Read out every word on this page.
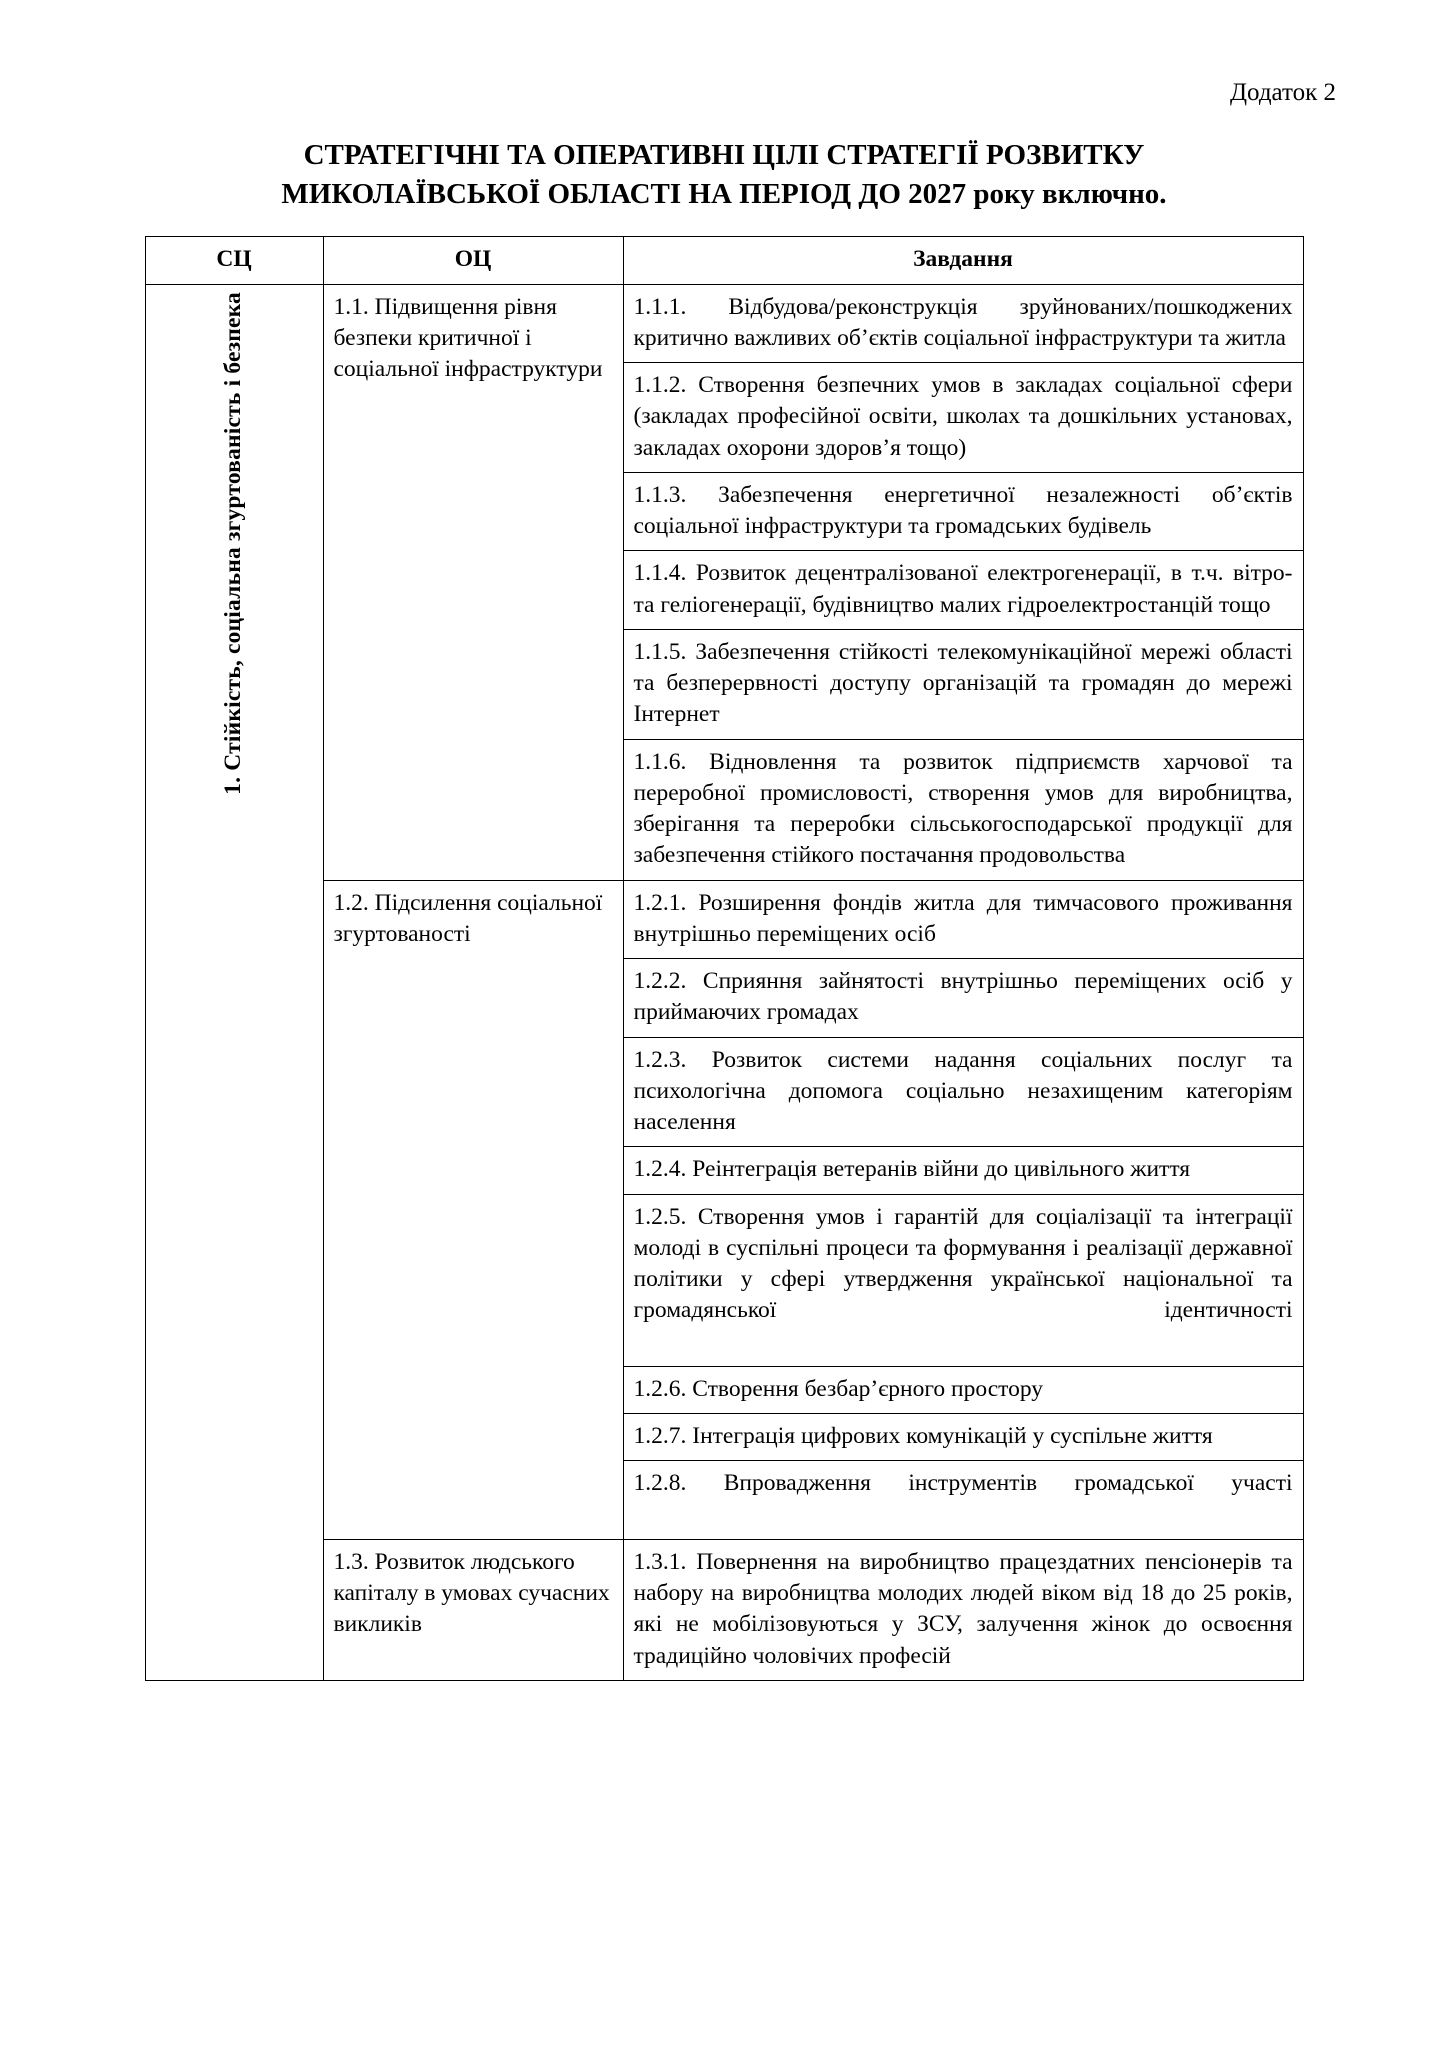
Додаток 2
СТРАТЕГІЧНІ ТА ОПЕРАТИВНІ ЦІЛІ СТРАТЕГІЇ РОЗВИТКУ
МИКОЛАЇВСЬКОЇ ОБЛАСТІ НА ПЕРІОД ДО 2027 року включно.
СЦ	ОЦ	Завдання

1. Стійкість, соціальна згуртованість і безпека	1.1. Підвищення рівня безпеки критичної і соціальної інфраструктури	1.1.1. Відбудова/реконструкція зруйнованих/пошкоджених критично важливих об’єктів соціальної інфраструктури та житла
		1.1.2. Створення безпечних умов в закладах соціальної сфери (закладах професійної освіти, школах та дошкільних установах, закладах охорони здоров’я тощо)
		1.1.3. Забезпечення енергетичної незалежності об’єктів соціальної інфраструктури та громадських будівель
		1.1.4. Розвиток децентралізованої електрогенерації, в т.ч. вітро- та геліогенерації, будівництво малих гідроелектростанцій тощо
		1.1.5. Забезпечення стійкості телекомунікаційної мережі області та безперервності доступу організацій та громадян до мережі Інтернет
		1.1.6. Відновлення та розвиток підприємств харчової та переробної промисловості, створення умов для виробництва, зберігання та переробки сільськогосподарської продукції для забезпечення стійкого постачання продовольства
	1.2. Підсилення соціальної згуртованості	1.2.1. Розширення фондів житла для тимчасового проживання внутрішньо переміщених осіб
		1.2.2. Сприяння зайнятості внутрішньо переміщених осіб у приймаючих громадах
		1.2.3. Розвиток системи надання соціальних послуг та психологічна допомога соціально незахищеним категоріям населення
		1.2.4. Реінтеграція ветеранів війни до цивільного життя
		1.2.5. Створення умов і гарантій для соціалізації та інтеграції молоді в суспільні процеси та формування і реалізації державної політики у сфері утвердження української національної та громадянської ідентичності
		1.2.6. Створення безбар’єрного простору
		1.2.7. Інтеграція цифрових комунікацій у суспільне життя
		1.2.8. Впровадження інструментів громадської участі
	1.3. Розвиток людського капіталу в умовах сучасних викликів	1.3.1. Повернення на виробництво працездатних пенсіонерів та набору на виробництва молодих людей віком від 18 до 25 років, які не мобілізовуються у ЗСУ, залучення жінок до освоєння традиційно чоловічих професій
